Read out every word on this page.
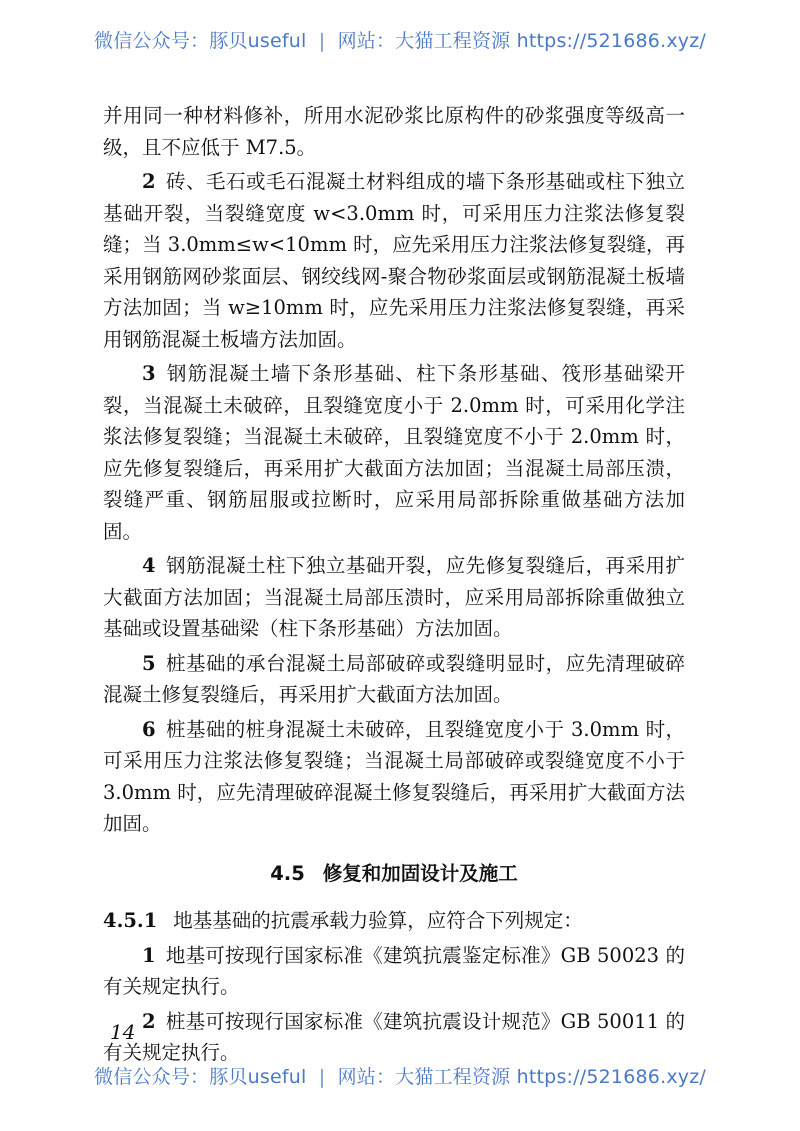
微信公众号：豚贝useful | 网站：大猫工程资源 https://521686.xyz/

并用同一种材料修补，所用水泥砂浆比原构件的砂浆强度等级高一级，且不应低于 M7.5。

2 砖、毛石或毛石混凝土材料组成的墙下条形基础或柱下独立基础开裂，当裂缝宽度 w<3.0mm 时，可采用压力注浆法修复裂缝；当 3.0mm≤w<10mm 时，应先采用压力注浆法修复裂缝，再采用钢筋网砂浆面层、钢绞线网-聚合物砂浆面层或钢筋混凝土板墙方法加固；当 w≥10mm 时，应先采用压力注浆法修复裂缝，再采用钢筋混凝土板墙方法加固。

3 钢筋混凝土墙下条形基础、柱下条形基础、筏形基础梁开裂，当混凝土未破碎，且裂缝宽度小于 2.0mm 时，可采用化学注浆法修复裂缝；当混凝土未破碎，且裂缝宽度不小于 2.0mm 时，应先修复裂缝后，再采用扩大截面方法加固；当混凝土局部压溃，裂缝严重、钢筋屈服或拉断时，应采用局部拆除重做基础方法加固。

4 钢筋混凝土柱下独立基础开裂，应先修复裂缝后，再采用扩大截面方法加固；当混凝土局部压溃时，应采用局部拆除重做独立基础或设置基础梁（柱下条形基础）方法加固。

5 桩基础的承台混凝土局部破碎或裂缝明显时，应先清理破碎混凝土修复裂缝后，再采用扩大截面方法加固。

6 桩基础的桩身混凝土未破碎，且裂缝宽度小于 3.0mm 时，可采用压力注浆法修复裂缝；当混凝土局部破碎或裂缝宽度不小于 3.0mm 时，应先清理破碎混凝土修复裂缝后，再采用扩大截面方法加固。

4.5 修复和加固设计及施工

4.5.1 地基基础的抗震承载力验算，应符合下列规定：

1 地基可按现行国家标准《建筑抗震鉴定标准》GB 50023 的有关规定执行。

2 桩基可按现行国家标准《建筑抗震设计规范》GB 50011 的有关规定执行。

14
微信公众号：豚贝useful | 网站：大猫工程资源 https://521686.xyz/
